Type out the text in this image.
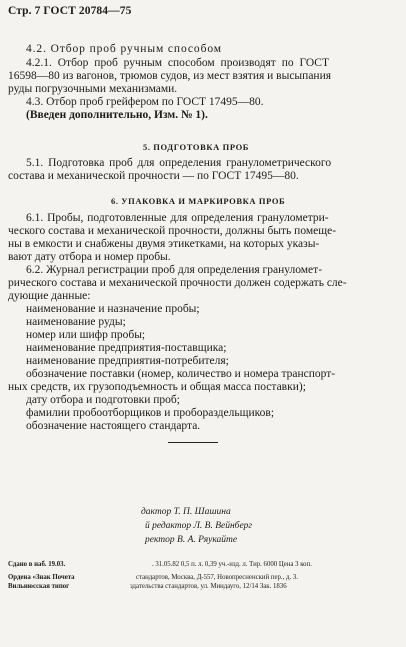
Стр. 7 ГОСТ 20784—75
4.2. Отбор проб ручным способом
4.2.1. Отбор проб ручным способом производят по ГОСТ
16598—80 из вагонов, трюмов судов, из мест взятия и высыпания
руды погрузочными механизмами.
4.3. Отбор проб грейфером по ГОСТ 17495—80.
(Введен дополнительно, Изм. № 1).
5. ПОДГОТОВКА ПРОБ
5.1. Подготовка проб для определения гранулометрического
состава и механической прочности — по ГОСТ 17495—80.
6. УПАКОВКА И МАРКИРОВКА ПРОБ
6.1. Пробы, подготовленные для определения гранулометри-
ческого состава и механической прочности, должны быть помеще-
ны в емкости и снабжены двумя этикетками, на которых указы-
вают дату отбора и номер пробы.
6.2. Журнал регистрации проб для определения грануломет-
рического состава и механической прочности должен содержать сле-
дующие данные:
наименование и назначение пробы;
наименование руды;
номер или шифр пробы;
наименование предприятия-поставщика;
наименование предприятия-потребителя;
обозначение поставки (номер, количество и номера транспорт-
ных средств, их грузоподъемность и общая масса поставки);
дату отбора и подготовки проб;
фамилии пробоотборщиков и пробораздельщиков;
обозначение настоящего стандарта.
дактор Т. П. Шашина
й редактор Л. В. Вейнберг
ректор В. А. Ряукайте
Сдано в наб. 19.03.	. 31.05.82 0,5 п. л. 0,39 уч.-изд. л. Тир. 6000 Цена 3 коп.
Ордена «Знак Почета	стандартов, Москва, Д-557, Новопресненский пер., д. 3.
Вильнюсская типог	здательства стандартов, ул. Миндауго, 12/14 Зак. 1836
